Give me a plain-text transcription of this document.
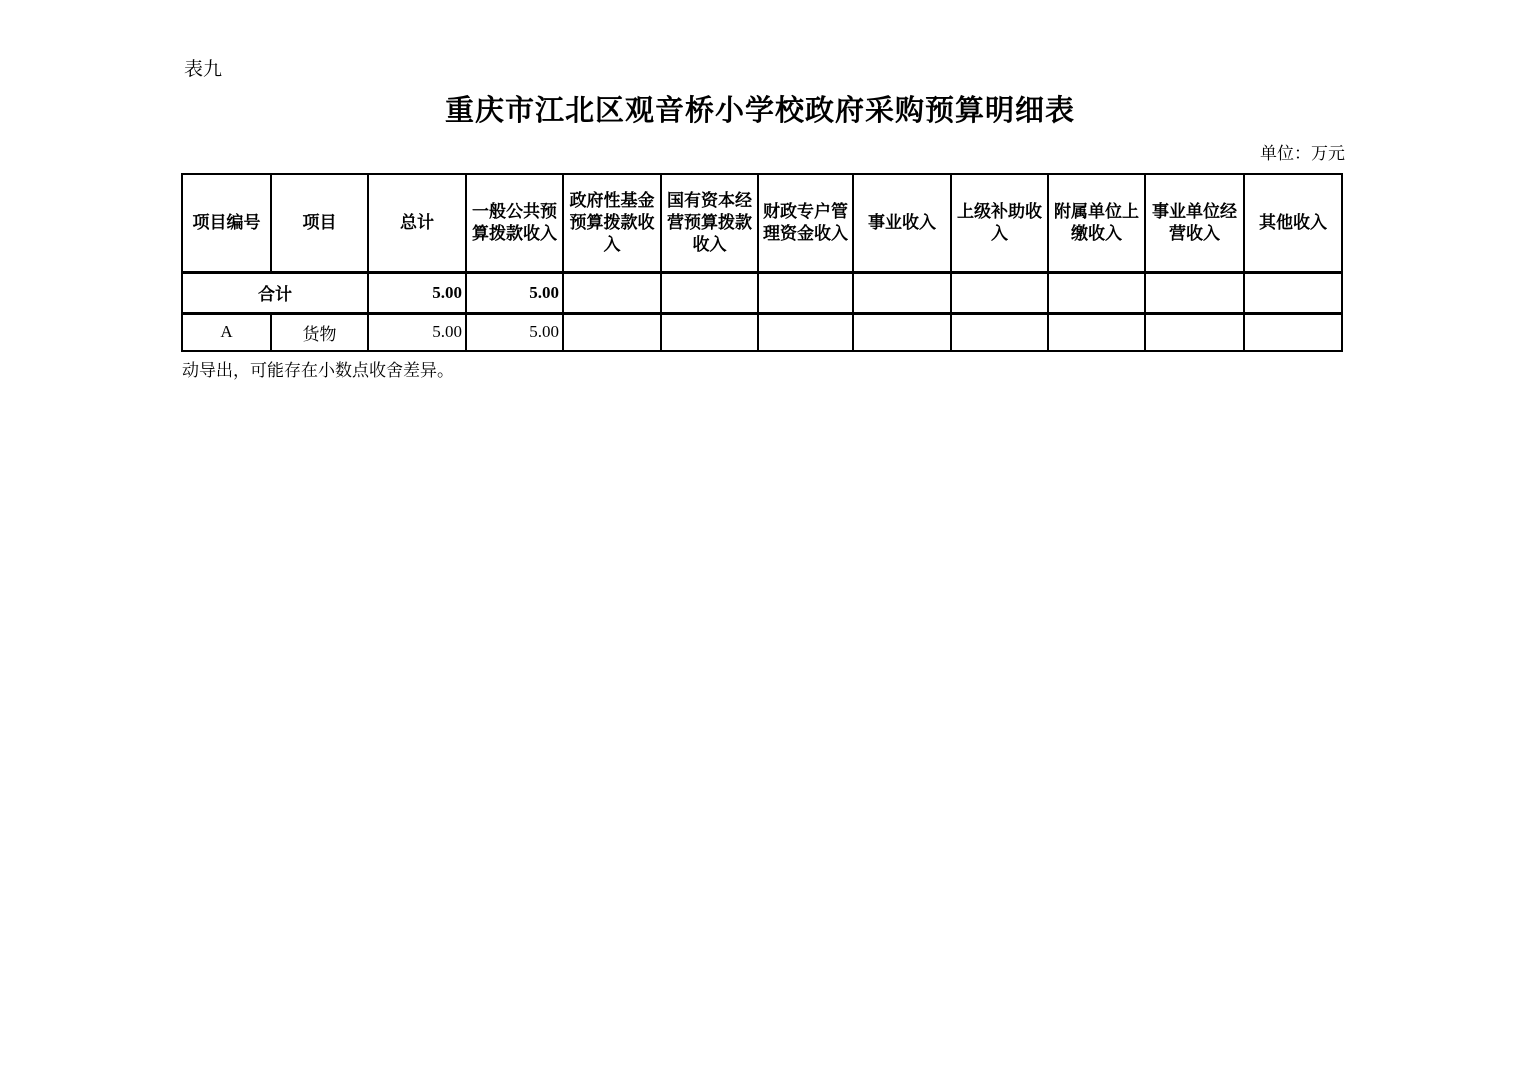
表九
重庆市江北区观音桥小学校政府采购预算明细表
单位：万元
项目编号	项目	总计	一般公共预算拨款收入	政府性基金预算拨款收入	国有资本经营预算拨款收入	财政专户管理资金收入	事业收入	上级补助收入	附属单位上缴收入	事业单位经营收入	其他收入
合计		5.00	5.00								
A	货物	5.00	5.00								
动导出，可能存在小数点收舍差异。
